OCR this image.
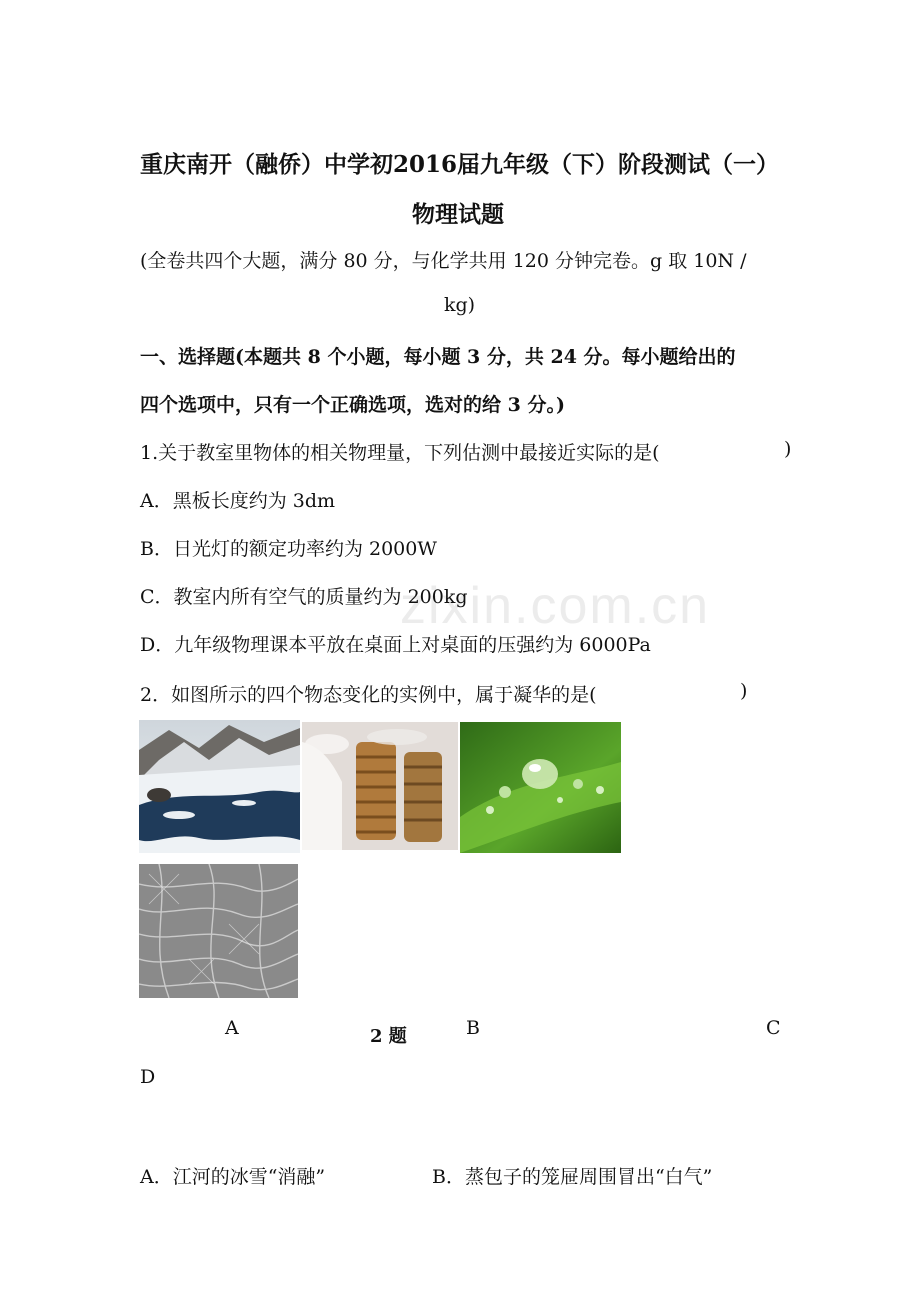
zixin.com.cn
重庆南开（融侨）中学初2016届九年级（下）阶段测试（一）
物理试题
(全卷共四个大题，满分 80 分，与化学共用 120 分钟完卷。g 取 10N /
kg)
一、选择题(本题共 8 个小题，每小题 3 分，共 24 分。每小题给出的
四个选项中，只有一个正确选项，选对的给 3 分。)
1.关于教室里物体的相关物理量，下列估测中最接近实际的是(	)
A．黑板长度约为 3dm
B．日光灯的额定功率约为 2000W
C．教室内所有空气的质量约为 200kg
D．九年级物理课本平放在桌面上对桌面的压强约为 6000Pa
2．如图所示的四个物态变化的实例中，属于凝华的是(	)
A	2 题	B	C
D
A．江河的冰雪“消融”	B．蒸包子的笼屉周围冒出“白气”
